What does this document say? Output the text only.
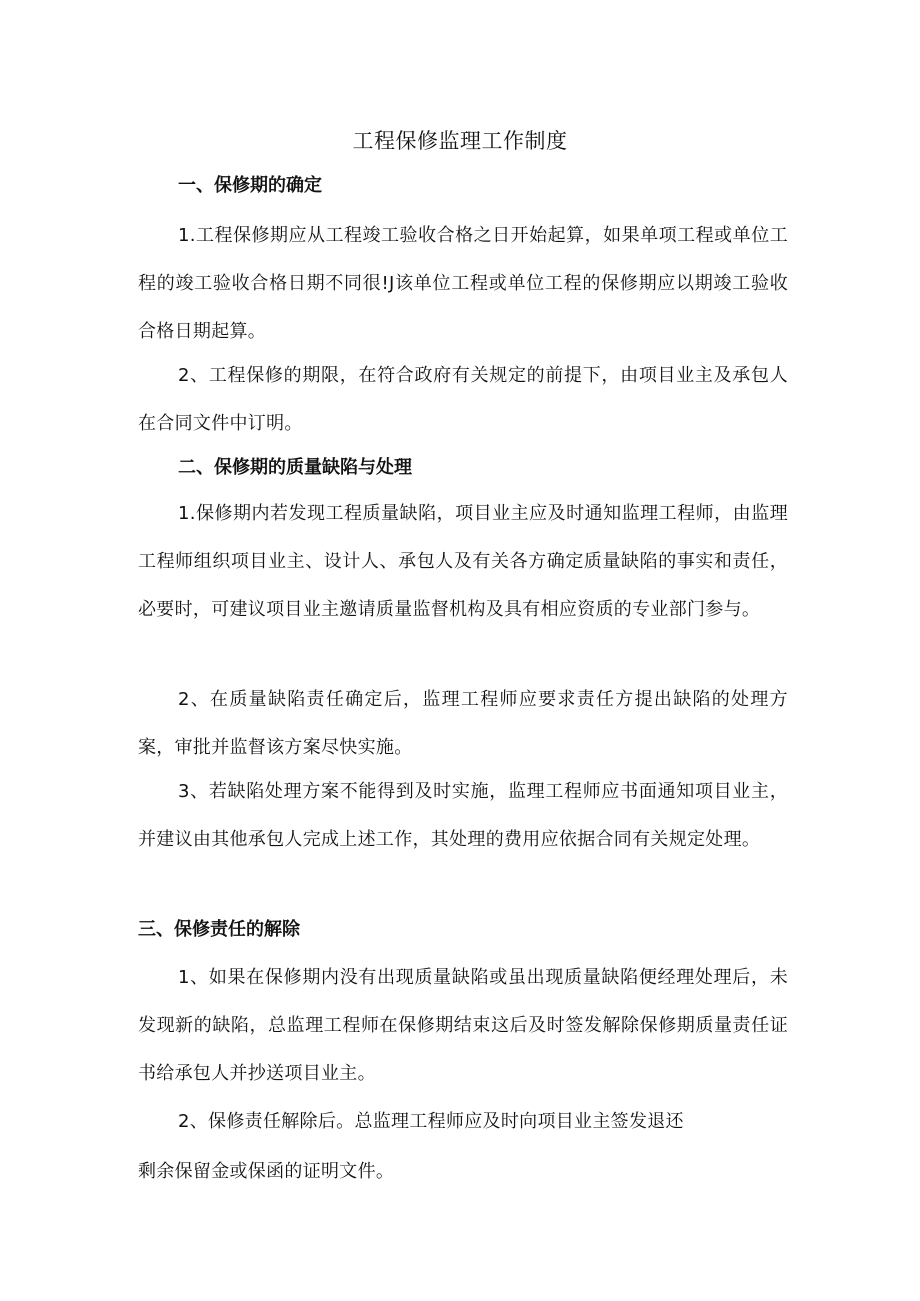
工程保修监理工作制度
一、保修期的确定
1.工程保修期应从工程竣工验收合格之日开始起算，如果单项工程或单位工程的竣工验收合格日期不同很!J该单位工程或单位工程的保修期应以期竣工验收合格日期起算。
2、工程保修的期限，在符合政府有关规定的前提下，由项目业主及承包人在合同文件中订明。
二、保修期的质量缺陷与处理
1.保修期内若发现工程质量缺陷，项目业主应及时通知监理工程师，由监理工程师组织项目业主、设计人、承包人及有关各方确定质量缺陷的事实和责任，必要时，可建议项目业主邀请质量监督机构及具有相应资质的专业部门参与。
2、在质量缺陷责任确定后，监理工程师应要求责任方提出缺陷的处理方案，审批并监督该方案尽快实施。
3、若缺陷处理方案不能得到及时实施，监理工程师应书面通知项目业主，并建议由其他承包人完成上述工作，其处理的费用应依据合同有关规定处理。
三、保修责任的解除
1、如果在保修期内没有出现质量缺陷或虽出现质量缺陷便经理处理后，未发现新的缺陷，总监理工程师在保修期结束这后及时签发解除保修期质量责任证书给承包人并抄送项目业主。
2、保修责任解除后。总监理工程师应及时向项目业主签发退还
剩余保留金或保函的证明文件。
